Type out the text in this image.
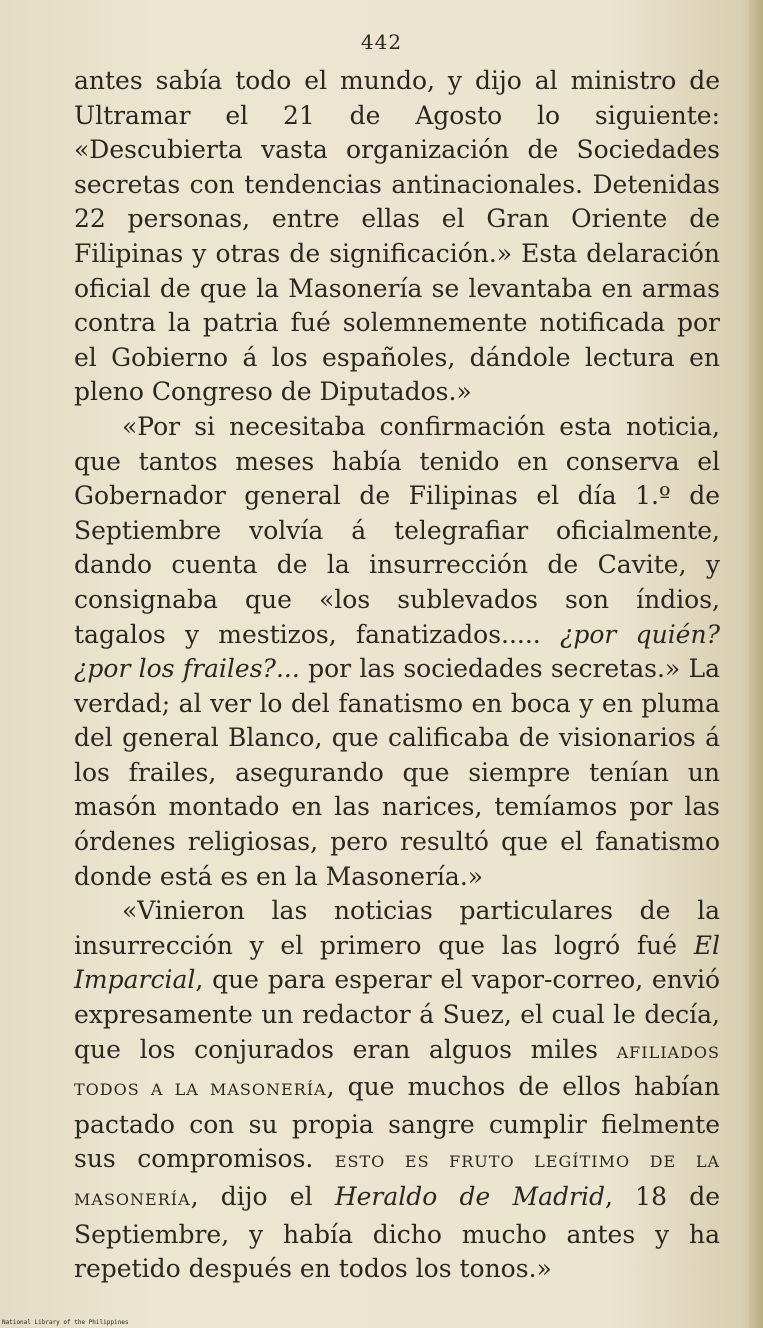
442

antes sabía todo el mundo, y dijo al ministro de Ultramar el 21 de Agosto lo siguiente: «Descubierta vasta organización de Sociedades secretas con tendencias antinacionales. Detenidas 22 personas, entre ellas el Gran Oriente de Filipinas y otras de significación.» Esta delaración oficial de que la Masonería se levantaba en armas contra la patria fué solemnemente notificada por el Gobierno á los españoles, dándole lectura en pleno Congreso de Diputados.»

«Por si necesitaba confirmación esta noticia, que tantos meses había tenido en conserva el Gobernador general de Filipinas el día 1.º de Septiembre volvía á telegrafiar oficialmente, dando cuenta de la insurrección de Cavite, y consignaba que «los sublevados son índios, tagalos y mestizos, fanatizados..... ¿por quién? ¿por los frailes?... por las sociedades secretas.» La verdad; al ver lo del fanatismo en boca y en pluma del general Blanco, que calificaba de visionarios á los frailes, asegurando que siempre tenían un masón montado en las narices, temíamos por las órdenes religiosas, pero resultó que el fanatismo donde está es en la Masonería.»

«Vinieron las noticias particulares de la insurrección y el primero que las logró fué El Imparcial, que para esperar el vapor-correo, envió expresamente un redactor á Suez, el cual le decía, que los conjurados eran alguos miles AFILIADOS TODOS A LA MASONERÍA, que muchos de ellos habían pactado con su propia sangre cumplir fielmente sus compromisos. ESTO ES FRUTO LEGÍTIMO DE LA MASONERÍA, dijo el Heraldo de Madrid, 18 de Septiembre, y había dicho mucho antes y ha repetido después en todos los tonos.»

National Library of the Philippines
